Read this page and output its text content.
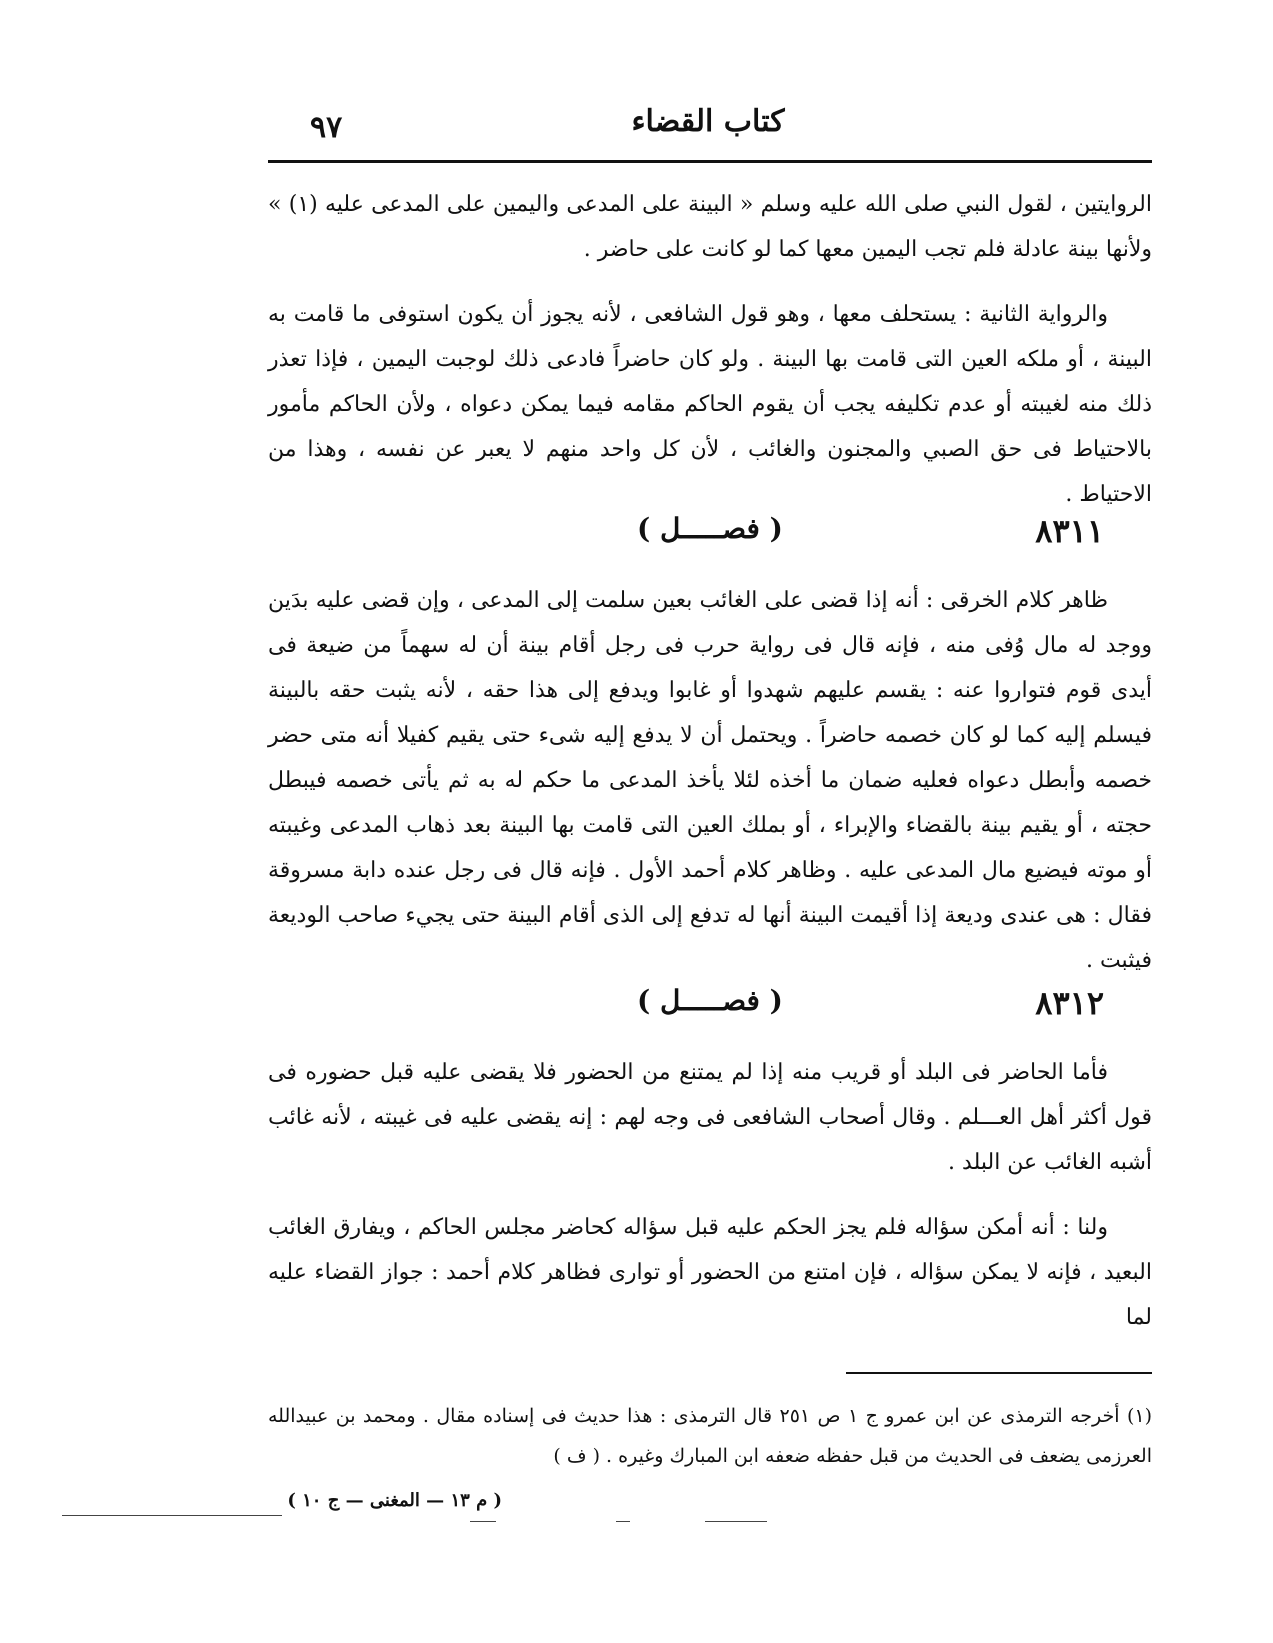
٩٧	كتاب القضاء

الروايتين ، لقول النبي صلى الله عليه وسلم « البينة على المدعى واليمين على المدعى عليه (١) » ولأنها بينة عادلة فلم تجب اليمين معها كما لو كانت على حاضر .

والرواية الثانية : يستحلف معها ، وهو قول الشافعى ، لأنه يجوز أن يكون استوفى ما قامت به البينة ، أو ملكه العين التى قامت بها البينة . ولو كان حاضراً فادعى ذلك لوجبت اليمين ، فإذا تعذر ذلك منه لغيبته أو عدم تكليفه يجب أن يقوم الحاكم مقامه فيما يمكن دعواه ، ولأن الحاكم مأمور بالاحتياط فى حق الصبي والمجنون والغائب ، لأن كل واحد منهم لا يعبر عن نفسه ، وهذا من الاحتياط .

٨٣١١
( فصـــــل )

ظاهر كلام الخرقى : أنه إذا قضى على الغائب بعين سلمت إلى المدعى ، وإن قضى عليه بدَين ووجد له مال وُفى منه ، فإنه قال فى رواية حرب فى رجل أقام بينة أن له سهماً من ضيعة فى أيدى قوم فتواروا عنه : يقسم عليهم شهدوا أو غابوا ويدفع إلى هذا حقه ، لأنه يثبت حقه بالبينة فيسلم إليه كما لو كان خصمه حاضراً . ويحتمل أن لا يدفع إليه شىء حتى يقيم كفيلا أنه متى حضر خصمه وأبطل دعواه فعليه ضمان ما أخذه لئلا يأخذ المدعى ما حكم له به ثم يأتى خصمه فيبطل حجته ، أو يقيم بينة بالقضاء والإبراء ، أو بملك العين التى قامت بها البينة بعد ذهاب المدعى وغيبته أو موته فيضيع مال المدعى عليه . وظاهر كلام أحمد الأول . فإنه قال فى رجل عنده دابة مسروقة فقال : هى عندى وديعة إذا أقيمت البينة أنها له تدفع إلى الذى أقام البينة حتى يجيء صاحب الوديعة فيثبت .

٨٣١٢
( فصـــــل )

فأما الحاضر فى البلد أو قريب منه إذا لم يمتنع من الحضور فلا يقضى عليه قبل حضوره فى قول أكثر أهل العـــلم . وقال أصحاب الشافعى فى وجه لهم : إنه يقضى عليه فى غيبته ، لأنه غائب أشبه الغائب عن البلد .

ولنا : أنه أمكن سؤاله فلم يجز الحكم عليه قبل سؤاله كحاضر مجلس الحاكم ، ويفارق الغائب البعيد ، فإنه لا يمكن سؤاله ، فإن امتنع من الحضور أو توارى فظاهر كلام أحمد : جواز القضاء عليه لما

(١) أخرجه الترمذى عن ابن عمرو ج ١ ص ٢٥١ قال الترمذى : هذا حديث فى إسناده مقال . ومحمد بن عبيدالله العرزمى يضعف فى الحديث من قبل حفظه ضعفه ابن المبارك وغيره . ( ف )
( م ١٣ — المغنى — ج ١٠ )
